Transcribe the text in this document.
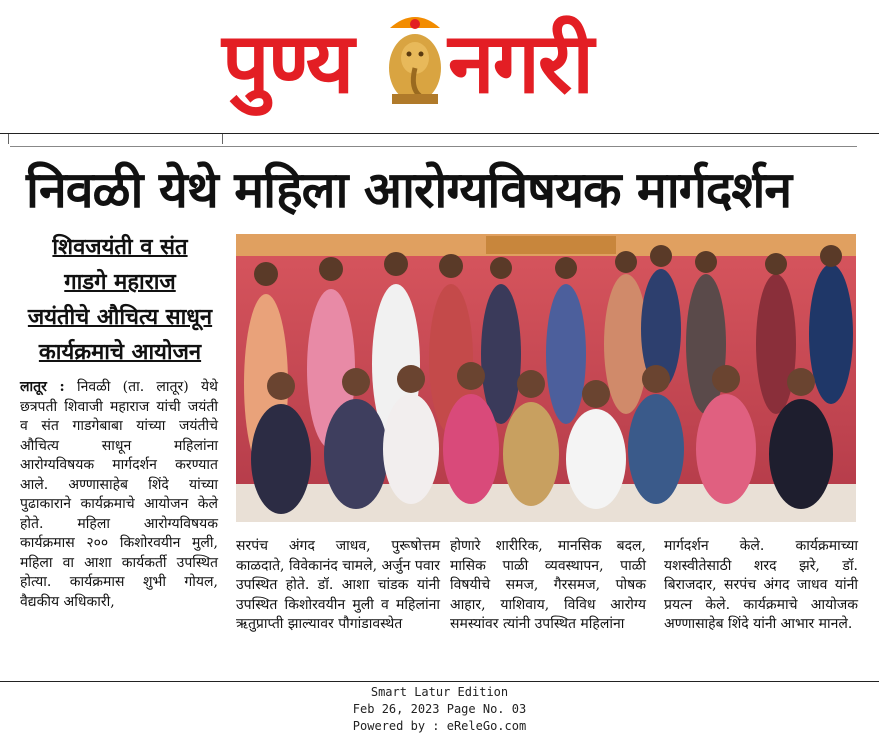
पुण्य नगरी
निवळी येथे महिला आरोग्यविषयक मार्गदर्शन
शिवजयंती व संत
गाडगे महाराज
जयंतीचे औचित्य साधून
कार्यक्रमाचे आयोजन
लातूर : निवळी (ता. लातूर) येथे छत्रपती शिवाजी महाराज यांची जयंती व संत गाडगेबाबा यांच्या जयंतीचे औचित्य साधून महिलांना आरोग्यविषयक मार्गदर्शन करण्यात आले. अण्णासाहेब शिंदे यांच्या पुढाकाराने कार्यक्रमाचे आयोजन केले होते. महिला आरोग्यविषयक कार्यक्रमास २०० किशोरवयीन मुली, महिला वा आशा कार्यकर्ती उपस्थित होत्या. कार्यक्रमास शुभी गोयल, वैद्यकीय अधिकारी,
सरपंच अंगद जाधव, पुरूषोत्तम काळदाते, विवेकानंद चामले, अर्जुन पवार उपस्थित होते. डॉ. आशा चांडक यांनी उपस्थित किशोरवयीन मुली व महिलांना ऋतुप्राप्ती झाल्यावर पौगांडावस्थेत
होणारे शारीरिक, मानसिक बदल, मासिक पाळी व्यवस्थापन, पाळी विषयीचे समज, गैरसमज, पोषक आहार, याशिवाय, विविध आरोग्य समस्यांवर त्यांनी उपस्थित महिलांना
मार्गदर्शन केले. कार्यक्रमाच्या यशस्वीतेसाठी शरद झरे, डॉ. बिराजदार, सरपंच अंगद जाधव यांनी प्रयत्न केले. कार्यक्रमाचे आयोजक अण्णासाहेब शिंदे यांनी आभार मानले.
Smart Latur Edition
Feb 26, 2023 Page No. 03
Powered by : eReleGo.com
